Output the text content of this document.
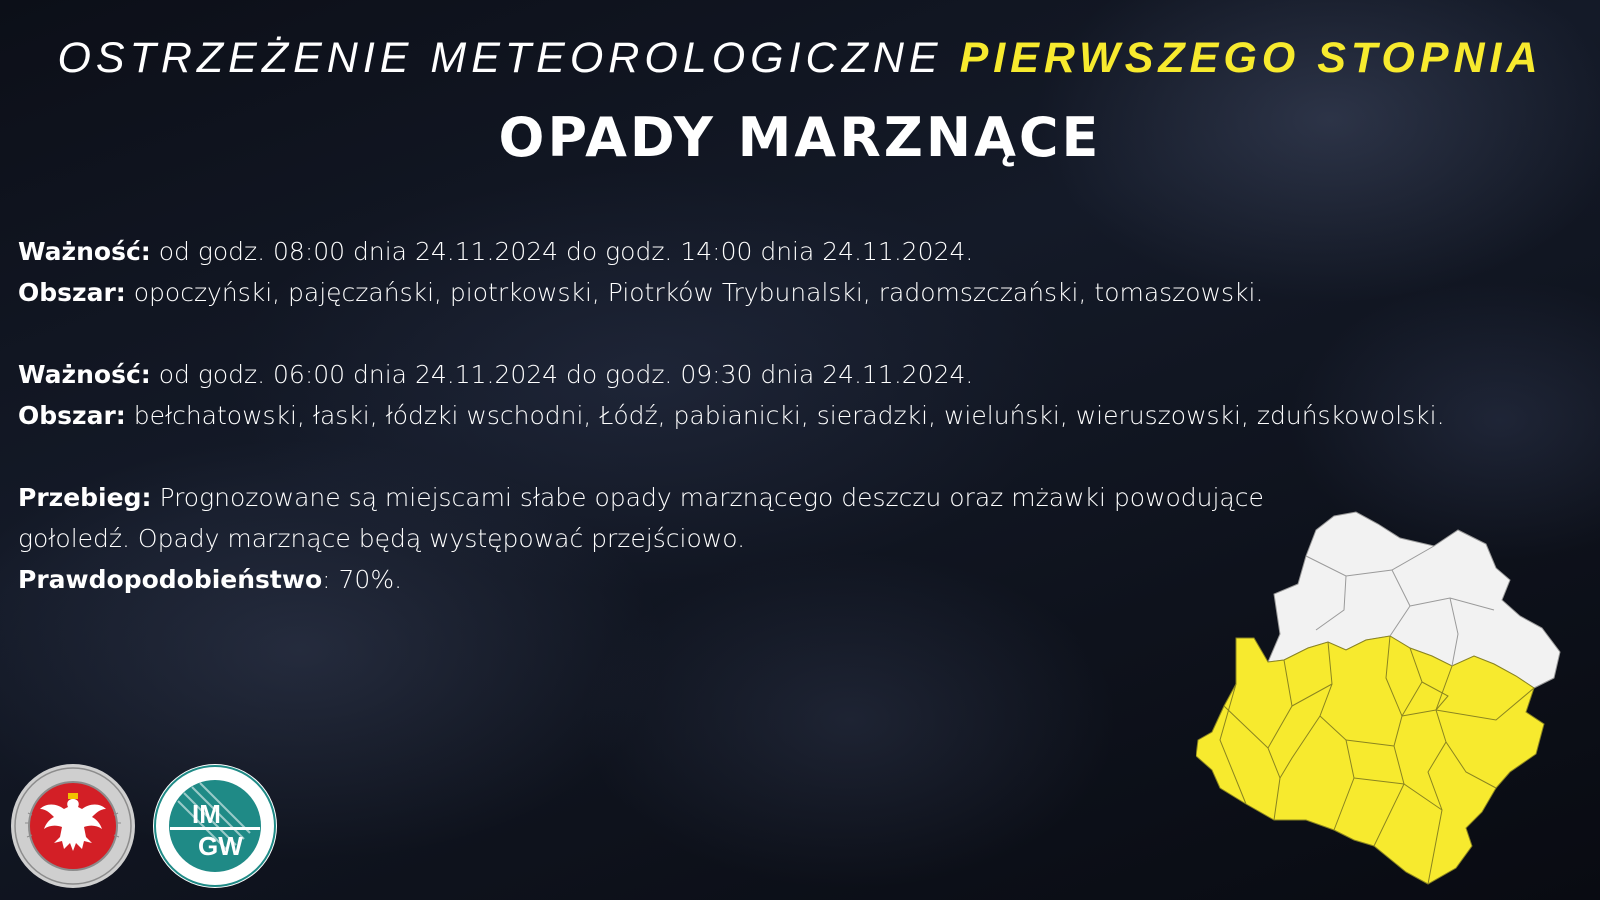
OSTRZEŻENIE METEOROLOGICZNE PIERWSZEGO STOPNIA
OPADY MARZNĄCE
Ważność: od godz. 08:00 dnia 24.11.2024 do godz. 14:00 dnia 24.11.2024.
Obszar: opoczyński, pajęczański, piotrkowski, Piotrków Trybunalski, radomszczański, tomaszowski.
Ważność: od godz. 06:00 dnia 24.11.2024 do godz. 09:30 dnia 24.11.2024.
Obszar: bełchatowski, łaski, łódzki wschodni, Łódź, pabianicki, sieradzki, wieluński, wieruszowski, zduńskowolski.
Przebieg: Prognozowane są miejscami słabe opady marznącego deszczu oraz mżawki powodujące gołoledź. Opady marznące będą występować przejściowo.
Prawdopodobieństwo: 70%.
IM
GW
